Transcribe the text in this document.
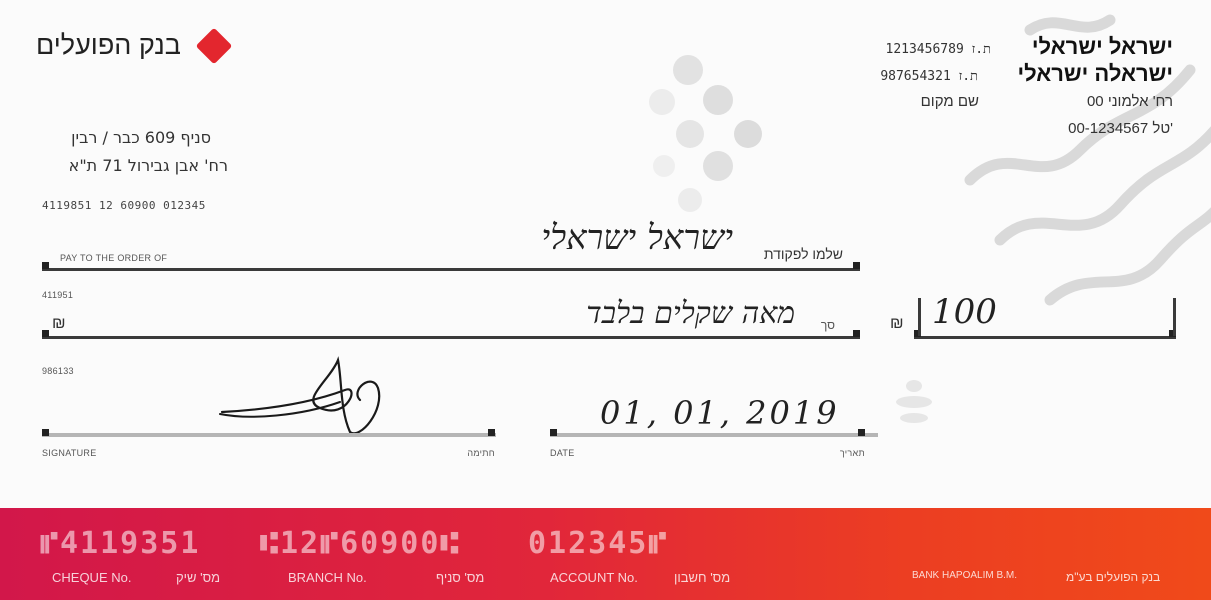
בנק הפועלים
סניף 609 כבר / רבין
רח' אבן גבירול 71 ת"א
4119851 12 60900 012345
ישראל ישראלי
1213456789 ת.ז
ישראלה ישראלי
987654321 ת.ז
רח' אלמוני 00
שם מקום
00-1234567 טל'
ישראל ישראלי שלמו לפקודת
PAY TO THE ORDER OF
411951
₪	מאה שקלים בלבד סך	₪ 100
986133
SIGNATURE	חתימה
01, 01, 2019
DATE	תאריך
⑈4119351 ⑆12⑈60900⑆ 012345⑈
CHEQUE No.	מס' שיק	BRANCH No.	מס' סניף	ACCOUNT No.	מס' חשבון	BANK HAPOALIM B.M.	בנק הפועלים בע"מ
